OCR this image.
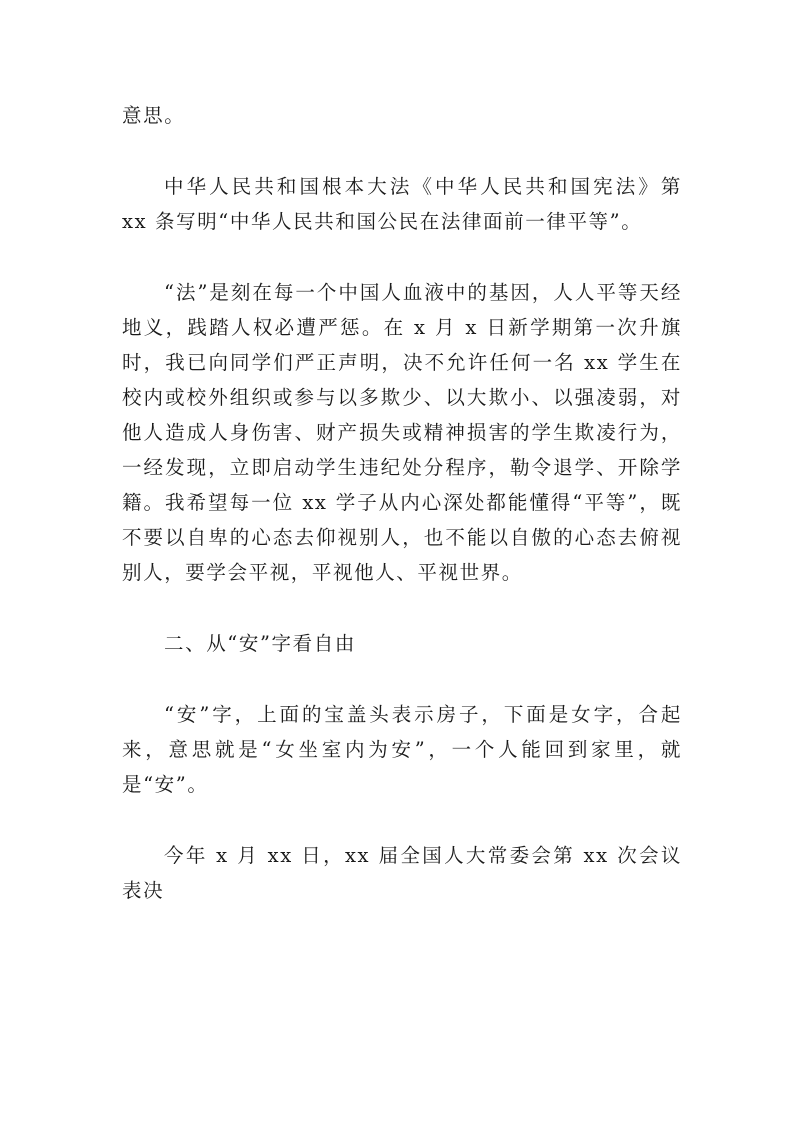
意思。

中华人民共和国根本大法《中华人民共和国宪法》第 xx 条写明“中华人民共和国公民在法律面前一律平等”。

“法”是刻在每一个中国人血液中的基因，人人平等天经地义，践踏人权必遭严惩。在 x 月 x 日新学期第一次升旗时，我已向同学们严正声明，决不允许任何一名 xx 学生在校内或校外组织或参与以多欺少、以大欺小、以强凌弱，对他人造成人身伤害、财产损失或精神损害的学生欺凌行为，一经发现，立即启动学生违纪处分程序，勒令退学、开除学籍。我希望每一位 xx 学子从内心深处都能懂得“平等”，既不要以自卑的心态去仰视别人，也不能以自傲的心态去俯视别人，要学会平视，平视他人、平视世界。

二、从“安”字看自由

“安”字，上面的宝盖头表示房子，下面是女字，合起来，意思就是“女坐室内为安”，一个人能回到家里，就是“安”。

今年 x 月 xx 日，xx 届全国人大常委会第 xx 次会议表决
